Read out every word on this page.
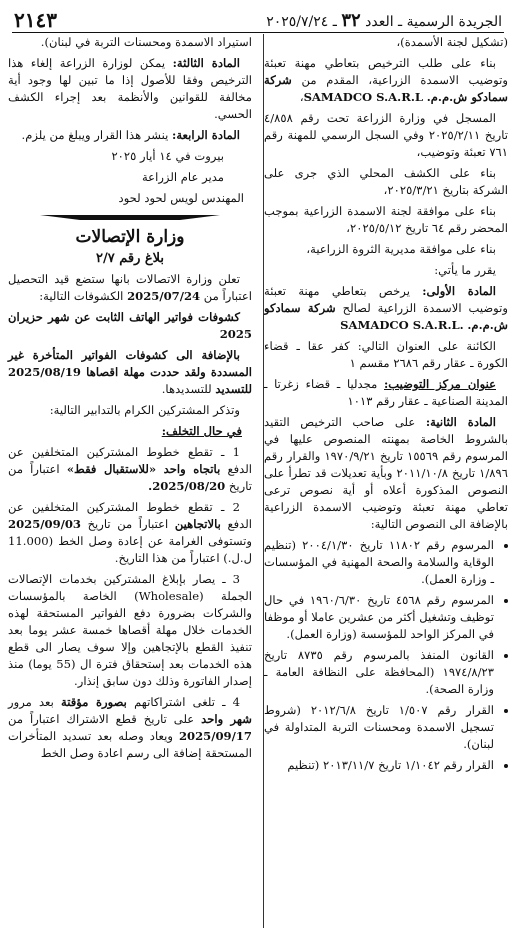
الجريدة الرسمية ـ العدد ٣٢ ـ ٢٠٢٥/٧/٢٤
٢١٤٣

(تشكيل لجنة الأسمدة)،

بناء على طلب الترخيص بتعاطي مهنة تعبئة وتوضيب الاسمدة الزراعية، المقدم من شركة سمادكو ش.م.م. SAMADCO S.A.R.L،

المسجل في وزارة الزراعة تحت رقم ٤/٨٥٨ تاريخ ٢٠٢٥/٢/١١ وفي السجل الرسمي للمهنة رقم ٧٦١ تعبئة وتوضيب،

بناء على الكشف المحلي الذي جرى على الشركة بتاريخ ٢٠٢٥/٣/٢١،

بناء على موافقة لجنة الاسمدة الزراعية بموجب المحضر رقم ٦٤ تاريخ ٢٠٢٥/٥/١٢،

بناء على موافقة مديرية الثروة الزراعية،

يقرر ما يأتي:

المادة الأولى: يرخص بتعاطي مهنة تعبئة وتوضيب الاسمدة الزراعية لصالح شركة سمادكو ش.م.م. SAMADCO S.A.R.L.

الكائنة على العنوان التالي: كفر عقا ـ قضاء الكورة ـ عقار رقم ٢٦٨٦ مقسم ١

عنوان مركز التوضيب: مجدليا ـ قضاء زغرتا ـ المدينة الصناعية ـ عقار رقم ١٠١٣

المادة الثانية: على صاحب الترخيص التقيد بالشروط الخاصة بمهنته المنصوص عليها في المرسوم رقم ١٥٥٦٩ تاريخ ١٩٧٠/٩/٢١ والقرار رقم ١/٨٩٦ تاريخ ٢٠١١/١٠/٨ وبأية تعديلات قد تطرأ على النصوص المذكورة أعلاه أو أية نصوص ترعى تعاطي مهنة تعبئة وتوضيب الاسمدة الزراعية بالإضافة الى النصوص التالية:

• المرسوم رقم ١١٨٠٢ تاريخ ٢٠٠٤/١/٣٠ (تنظيم الوقاية والسلامة والصحة المهنية في المؤسسات ـ وزارة العمل).
• المرسوم رقم ٤٥٦٨ تاريخ ١٩٦٠/٦/٣٠ في حال توظيف وتشغيل أكثر من عشرين عاملا أو موظفا في المركز الواحد للمؤسسة (وزارة العمل).
• القانون المنفذ بالمرسوم رقم ٨٧٣٥ تاريخ ١٩٧٤/٨/٢٣ (المحافظة على النظافة العامة ـ وزارة الصحة).
• القرار رقم ١/٥٠٧ تاريخ ٢٠١٢/٦/٨ (شروط تسجيل الاسمدة ومحسنات التربة المتداولة في لبنان).
• القرار رقم ١/١٠٤٢ تاريخ ٢٠١٣/١١/٧ (تنظيم

استيراد الاسمدة ومحسنات التربة في لبنان).

المادة الثالثة: يمكن لوزارة الزراعة إلغاء هذا الترخيص وفقا للأصول إذا ما تبين لها وجود أية مخالفة للقوانين والأنظمة بعد إجراء الكشف الحسي.

المادة الرابعة: ينشر هذا القرار ويبلغ من يلزم.

بيروت في ١٤ أيار ٢٠٢٥

مدير عام الزراعة

المهندس لويس لحود لحود

وزارة الإتصالات
بلاغ رقم ٢/٧

تعلن وزارة الاتصالات بانها ستضع قيد التحصيل اعتباراً من 2025/07/24 الكشوفات التالية:

كشوفات فواتير الهاتف الثابت عن شهر حزيران 2025

بالإضافة الى كشوفات الفواتير المتأخرة غير المسددة ولقد حددت مهلة اقصاها 2025/08/19 للتسديد للتسديدها.

وتذكر المشتركين الكرام بالتدابير التالية:

في حال التخلف:

1 ـ تقطع خطوط المشتركين المتخلفين عن الدفع باتجاه واحد «للاستقبال فقط» اعتباراً من تاريخ 2025/08/20.

2 ـ تقطع خطوط المشتركين المتخلفين عن الدفع بالاتجاهين اعتباراً من تاريخ 2025/09/03 وتستوفى الغرامة عن إعادة وصل الخط (11.000 ل.ل.) اعتباراً من هذا التاريخ.

3 ـ يصار بإبلاغ المشتركين بخدمات الإتصالات الجملة (Wholesale) الخاصة بالمؤسسات والشركات بضرورة دفع الفواتير المستحقة لهذه الخدمات خلال مهلة أقصاها خمسة عشر يوما بعد تنفيذ القطع بالإتجاهين وإلا سوف يصار الى قطع هذه الخدمات بعد إستحقاق فترة ال (55 يوما) منذ إصدار الفاتورة وذلك دون سابق إنذار.

4 ـ تلغى اشتراكاتهم بصورة مؤقتة بعد مرور شهر واحد على تاريخ قطع الاشتراك اعتباراً من 2025/09/17 ويعاد وصله بعد تسديد المتأخرات المستحقة إضافة الى رسم اعادة وصل الخط
